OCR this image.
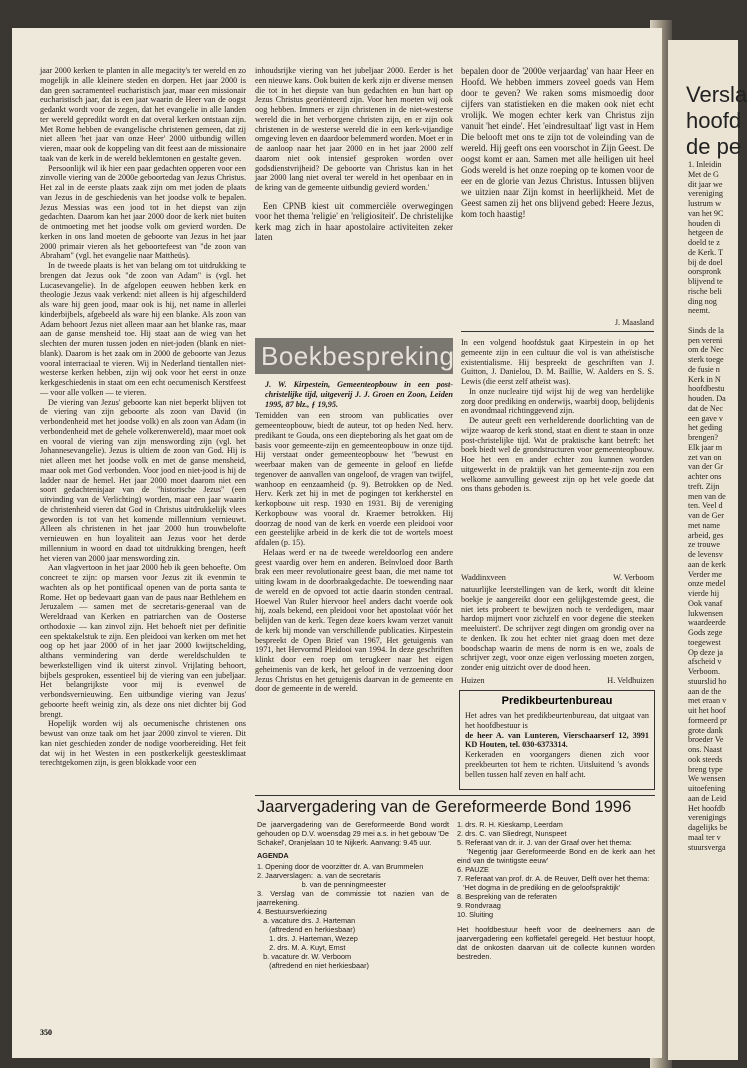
jaar 2000 kerken te planten in alle megacity's ter wereld en zo mogelijk in alle kleinere steden en dorpen. Het jaar 2000 is dan geen sacramenteel eucharistisch jaar, maar een missionair eucharistisch jaar, dat is een jaar waarin de Heer van de oogst gedankt wordt voor de zegen, dat het evangelie in alle landen ter wereld gepredikt wordt en dat overal kerken ontstaan zijn. Met Rome hebben de evangelische christenen gemeen, dat zij niet alleen 'het jaar van onze Heer' 2000 uitbundig willen vieren, maar ook de koppeling van dit feest aan de missionaire taak van de kerk in de wereld beklemtonen en gestalte geven.

Persoonlijk wil ik hier een paar gedachten opperen voor een zinvolle viering van de 2000e geboortedag van Jezus Christus. Het zal in de eerste plaats zaak zijn om met joden de plaats van Jezus in de geschiedenis van het joodse volk te bepalen. Jezus Messias was een jood tot in het diepst van zijn gedachten. Daarom kan het jaar 2000 door de kerk niet buiten de ontmoeting met het joodse volk om gevierd worden. De kerken in ons land moeten de geboorte van Jezus in het jaar 2000 primair vieren als het geboortefeest van "de zoon van Abraham" (vgl. het evangelie naar Mattheüs).

In de tweede plaats is het van belang om tot uitdrukking te brengen dat Jezus ook "de zoon van Adam" is (vgl. het Lucasevangelie). In de afgelopen eeuwen hebben kerk en theologie Jezus vaak verkend: niet alleen is hij afgeschilderd als ware hij geen jood, maar ook is hij, net name in allerlei kinderbijbels, afgebeeld als ware hij een blanke. Als zoon van Adam behoort Jezus niet alleen maar aan het blanke ras, maar aan de ganse mensheid toe. Hij staat aan de wieg van het slechten der muren tussen joden en niet-joden (blank en niet-blank). Daarom is het zaak om in 2000 de geboorte van Jezus vooral interraciaal te vieren. Wij in Nederland tientallen niet-westerse kerken hebben, zijn wij ook voor het eerst in onze kerkgeschiedenis in staat om een echt oecumenisch Kerstfeest — voor alle volken — te vieren.

De viering van Jezus' geboorte kan niet beperkt blijven tot de viering van zijn geboorte als zoon van David (in verbondenheid met het joodse volk) en als zoon van Adam (in verbondenheid met de gehele volkerenwereld), maar moet ook en vooral de viering van zijn menswording zijn (vgl. het Johannesevangelie). Jezus is ultiem de zoon van God. Hij is niet alleen met het joodse volk en met de ganse mensheid, maar ook met God verbonden. Voor jood en niet-jood is hij de ladder naar de hemel. Het jaar 2000 moet daarom niet een soort gedachtenisjaar van de "historische Jezus" (een uitvinding van de Verlichting) worden, maar een jaar waarin de christenheid vieren dat God in Christus uitdrukkelijk vlees geworden is tot van het komende millennium vernieuwt. Alleen als christenen in het jaar 2000 hun trouwbelofte vernieuwen en hun loyaliteit aan Jezus voor het derde millennium in woord en daad tot uitdrukking brengen, heeft het vieren van 2000 jaar menswording zin.

Aan vlagvertoon in het jaar 2000 heb ik geen behoefte. Om concreet te zijn: op marsen voor Jezus zit ik evenmin te wachten als op het pontificaal openen van de porta santa te Rome. Het op bedevaart gaan van de paus naar Bethlehem en Jeruzalem — samen met de secretaris-generaal van de Wereldraad van Kerken en patriarchen van de Oosterse orthodoxie — kan zinvol zijn. Het behoeft niet per definitie een spektakelstuk te zijn. Een pleidooi van kerken om met het oog op het jaar 2000 of in het jaar 2000 kwijtschelding, althans vermindering van derde wereldschulden te bewerkstelligen vind ik uiterst zinvol. Vrijlating behoort, bijbels gesproken, essentieel bij de viering van een jubeljaar. Het belangrijkste voor mij is evenwel de verbondsvernieuwing. Een uitbundige viering van Jezus' geboorte heeft weinig zin, als deze ons niet dichter bij God brengt.

Hopelijk worden wij als oecumenische christenen ons bewust van onze taak om het jaar 2000 zinvol te vieren. Dit kan niet geschieden zonder de nodige voorbereiding. Het feit dat wij in het Westen in een postkerkelijk geestesklimaat terechtgekomen zijn, is geen blokkade voor een

inhoudsrijke viering van het jubeljaar 2000. Eerder is het een nieuwe kans. Ook buiten de kerk zijn er diverse mensen die tot in het diepste van hun gedachten en hun hart op Jezus Christus georiënteerd zijn. Voor hen moeten wij ook oog hebben. Immers er zijn christenen in de niet-westerse wereld die in het verborgene christen zijn, en er zijn ook christenen in de westerse wereld die in een kerk-vijandige omgeving leven en daardoor belemmerd worden. Moet er in de aanloop naar het jaar 2000 en in het jaar 2000 zelf daarom niet ook intensief gesproken worden over godsdienstvrijheid? De geboorte van Christus kan in het jaar 2000 lang niet overal ter wereld in het openbaar en in de kring van de gemeente uitbundig gevierd worden.'

Een CPNB kiest uit commerciële overwegingen voor het thema 'religie' en 'religiositeit'. De christelijke kerk mag zich in haar apostolaire activiteiten zeker laten

bepalen door de '2000e verjaardag' van haar Heer en Hoofd. We hebben immers zoveel goeds van Hem door te geven? We raken soms mismoedig door cijfers van statistieken en die maken ook niet echt vrolijk. We mogen echter kerk van Christus zijn vanuit 'het einde'. Het 'eindresultaat' ligt vast in Hem Die belooft met ons te zijn tot de voleinding van de wereld. Hij geeft ons een voorschot in Zijn Geest. De oogst komt er aan. Samen met alle heiligen uit heel Gods wereld is het onze roeping op te komen voor de eer en de glorie van Jezus Christus. Intussen blijven we uitzien naar Zijn komst in heerlijkheid. Met de Geest samen zij het ons blijvend gebed: Heere Jezus, kom toch haastig!

J. Maasland
Boekbespreking

J. W. Kirpestein, Gemeenteopbouw in een post-christelijke tijd, uitgeverij J. J. Groen en Zoon, Leiden 1995, 87 blz., ƒ 19,95.

Temidden van een stroom van publicaties over gemeenteopbouw, biedt de auteur, tot op heden Ned. herv. predikant te Gouda, ons een diepteboring als het gaat om de basis voor gemeente-zijn en gemeenteopbouw in onze tijd. Hij verstaat onder gemeenteopbouw het "bewust en weerbaar maken van de gemeente in geloof en liefde tegenover de aanvallen van ongeloof, de vragen van twijfel, wanhoop en eenzaamheid (p. 9). Betrokken op de Ned. Herv. Kerk zet hij in met de pogingen tot kerkherstel en kerkopbouw uit resp. 1930 en 1931. Bij de vereniging Kerkopbouw was vooral dr. Kraemer betrokken. Hij doorzag de nood van de kerk en voerde een pleidooi voor een geestelijke arbeid in de kerk die tot de wortels moest afdalen (p. 15).

Helaas werd er na de tweede wereldoorlog een andere geest vaardig over hem en anderen. Beïnvloed door Barth brak een meer revolutionaire geest baan, die met name tot uiting kwam in de doorbraakgedachte. De toewending naar de wereld en de opvoed tot actie daarin stonden centraal. Hoewel Van Ruler hiervoor heel anders dacht voerde ook hij, zoals bekend, een pleidooi voor het apostolaat vóór het belijden van de kerk. Tegen deze koers kwam verzet vanuit de kerk bij monde van verschillende publicaties. Kirpestein bespreekt de Open Brief van 1967, Het getuigenis van 1971, het Hervormd Pleidooi van 1994. In deze geschriften klinkt door een roep om terugkeer naar het eigen geheimenis van de kerk, het geloof in de verzoening door Jezus Christus en het getuigenis daarvan in de gemeente en door de gemeente in de wereld.

In een volgend hoofdstuk gaat Kirpestein in op het gemeente zijn in een cultuur die vol is van atheïstische existentialisme. Hij bespreekt de geschriften van J. Guitton, J. Danielou, D. M. Baillie, W. Aalders en S. S. Lewis (die eerst zelf atheïst was).

In onze nucleaire tijd wijst hij de weg van herdelijke zorg door prediking en onderwijs, waarbij doop, belijdenis en avondmaal richtinggevend zijn.

De auteur geeft een verhelderende doorlichting van de wijze waarop de kerk stond, staat en dient te staan in onze post-christelijke tijd. Wat de praktische kant betreft: het boek biedt wel de grondstructuren voor gemeenteopbouw. Hoe het een en ander echter zou kunnen worden uitgewerkt in de praktijk van het gemeente-zijn zou een welkome aanvulling geweest zijn op het vele goede dat ons thans geboden is.

Waddinxveen	W. Verboom

natuurlijke leerstellingen van de kerk, wordt dit kleine boekje je aangereikt door een gelijkgestemde geest, die niet iets probeert te bewijzen noch te verdedigen, maar hardop mijmert voor zichzelf en voor degene die steeken meeluistert'. De schrijver zegt dingen om grondig over na te denken. Ik zou het echter niet graag doen met deze boodschap waarin de mens de norm is en we, zoals de schrijver zegt, voor onze eigen verlossing moeten zorgen, zonder enig uitzicht over de dood heen.

Huizen	H. Veldhuizen
Predikbeurtenbureau

Het adres van het predikbeurtenbureau, dat uitgaat van het hoofdbestuur is

de heer A. van Lunteren, Vierschaarserf 12, 3991 KD Houten, tel. 030-6373314.

Kerkeraden en voorgangers dienen zich voor preekbeurten tot hem te richten. Uitsluitend 's avonds bellen tussen half zeven en half acht.

Jaarvergadering van de Gereformeerde Bond 1996

De jaarvergadering van de Gereformeerde Bond wordt gehouden op D.V. woensdag 29 mei a.s. in het gebouw 'De Schakel', Oranjelaan 10 te Nijkerk. Aanvang: 9.45 uur.

AGENDA

1. Opening door de voorzitter dr. A. van Brummelen
2. Jaarverslagen:  a. van de secretaris
b. van de penningmeester
3. Verslag van de commissie tot nazien van de jaarrekening.
4. Bestuursverkiezing
a. vacature drs. J. Harteman
(aftredend en herkiesbaar)
1. drs. J. Harteman, Wezep
2. drs. M. A. Kuyt, Emst
b. vacature dr. W. Verboom
(aftredend en niet herkiesbaar)
1. drs. R. H. Kieskamp, Leerdam
2. drs. C. van Sliedregt, Nunspeet
5. Referaat van dr. ir. J. van der Graaf over het thema:
'Negentig jaar Gereformeerde Bond en de kerk aan het eind van de twintigste eeuw'
6. PAUZE
7. Referaat van prof. dr. A. de Reuver, Delft over het thema:
'Het dogma in de prediking en de geloofspraktijk'
8. Bespreking van de referaten
9. Rondvraag
10. Sluiting

Het hoofdbestuur heeft voor de deelnemers aan de jaarvergadering een koffietafel geregeld. Het bestuur hoopt, dat de onkosten daarvan uit de collecte kunnen worden bestreden.

350
Versla
hoofd
de pe
1. Inleidin
Met de G
dit jaar we
vereniging
lustrum w
van het 9C
houden di
hetgeen de
doeld te z
de Kerk. T
bij de doel
oorspronk
blijvend te
rische beli
ding nog
neemt.
Sinds de la
pen vereni
om de Nec
sterk toege
de fusie n
Kerk in N
hoofdbestu
houden. Da
dat de Nec
een gave v
het geding
brengen?
Elk jaar m
zet van on
van der Gr
achter ons
treft. Zijn
men van de
ten. Veel d
van de Ger
met name
arbeid, ges
ze trouwe
de levensv
aan de kerk
Verder me
onze medel
vierde hij
Ook vanaf
lukwensen
waardeerde
Gods zege
toegewest
Op deze ja
afscheid v
Verboom.
stuurslid ho
aan de the
met eraan v
uit het hoof
formeerd pr
grote dank
broeder Ve
ons. Naast
ook steeds
breng type
We wensen
uitoefening
aan de Leid
Het hoofdb
verenigings
dagelijks be
maal ter v
stuursverga
